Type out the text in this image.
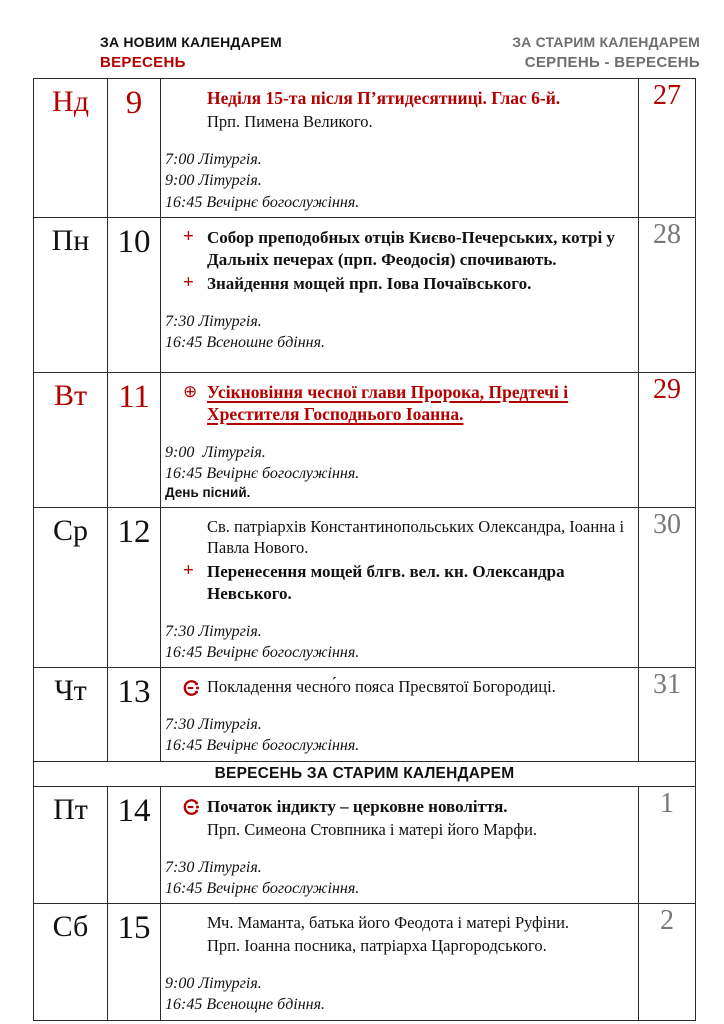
ЗА НОВИМ КАЛЕНДАРЕМ
ВЕРЕСЕНЬ
ЗА СТАРИМ КАЛЕНДАРЕМ
СЕРПЕНЬ - ВЕРЕСЕНЬ
Нд	9	Неділя 15-та після П’ятидесятниці. Глас 6-й.
Прп. Пимена Великого.
7:00 Літургія.
9:00 Літургія.
16:45 Вечірнє богослужіння.	27
Пн	10	+ Собор преподобных отців Києво-Печерських, котрі у Дальніх печерах (прп. Феодосія) спочивають.
+ Знайдення мощей прп. Іова Почаївського.
7:30 Літургія.
16:45 Всеношне бдіння.
	28
Вт	11	⊕ Усікновіння чесної глави Пророка, Предтечі і Хрестителя Господнього Іоанна.
9:00  Літургія.
16:45 Вечірнє богослужіння.
День пісний.	29
Ср	12	Св. патріархів Константинопольських Олександра, Іоанна і Павла Нового.
+ Перенесення мощей блгв. вел. кн. Олександра Невського.
7:30 Літургія.
16:45 Вечірнє богослужіння.	30
Чт	13	Покладення чесно́го пояса Пресвятої Богородиці.
7:30 Літургія.
16:45 Вечірнє богослужіння.	31

ВЕРЕСЕНЬ ЗА СТАРИМ КАЛЕНДАРЕМ			

Пт	14	Початок індикту – церковне новоліття.
Прп. Симеона Стовпника і матері його Марфи.
7:30 Літургія.
16:45 Вечірнє богослужіння.	1
Сб	15	Мч. Маманта, батька його Феодота і матері Руфіни.
Прп. Іоанна посника, патріарха Царгородського.
9:00 Літургія.
16:45 Всенощне бдіння.	2
